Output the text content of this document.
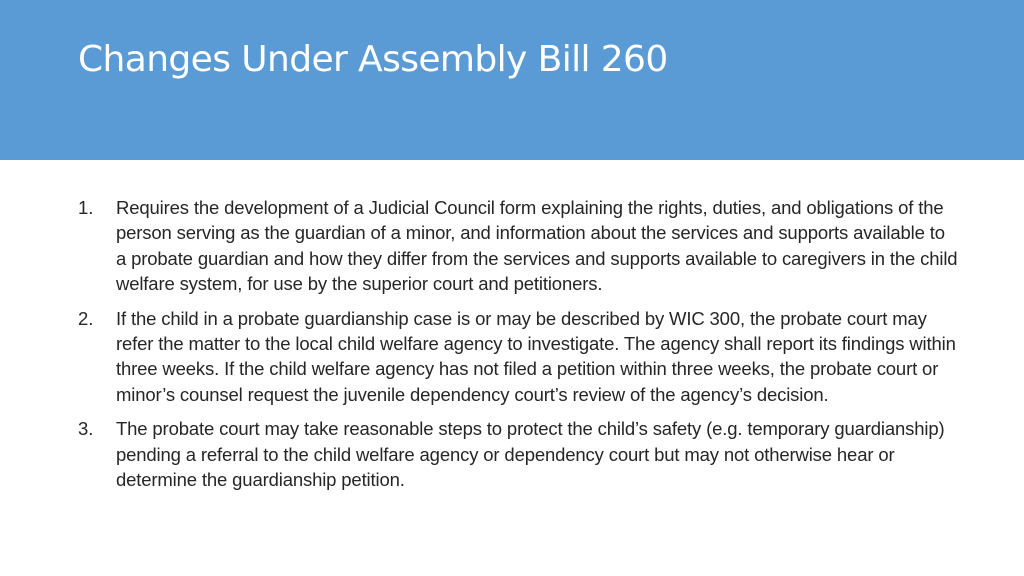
Changes Under Assembly Bill 260
1.	Requires the development of a Judicial Council form explaining the rights, duties, and obligations of the person serving as the guardian of a minor, and information about the services and supports available to a probate guardian and how they differ from the services and supports available to caregivers in the child welfare system, for use by the superior court and petitioners.
2.	If the child in a probate guardianship case is or may be described by WIC 300, the probate court may refer the matter to the local child welfare agency to investigate. The agency shall report its findings within three weeks. If the child welfare agency has not filed a petition within three weeks, the probate court or minor’s counsel request the juvenile dependency court’s review of the agency’s decision.
3.	The probate court may take reasonable steps to protect the child’s safety (e.g. temporary guardianship) pending a referral to the child welfare agency or dependency court but may not otherwise hear or determine the guardianship petition.
